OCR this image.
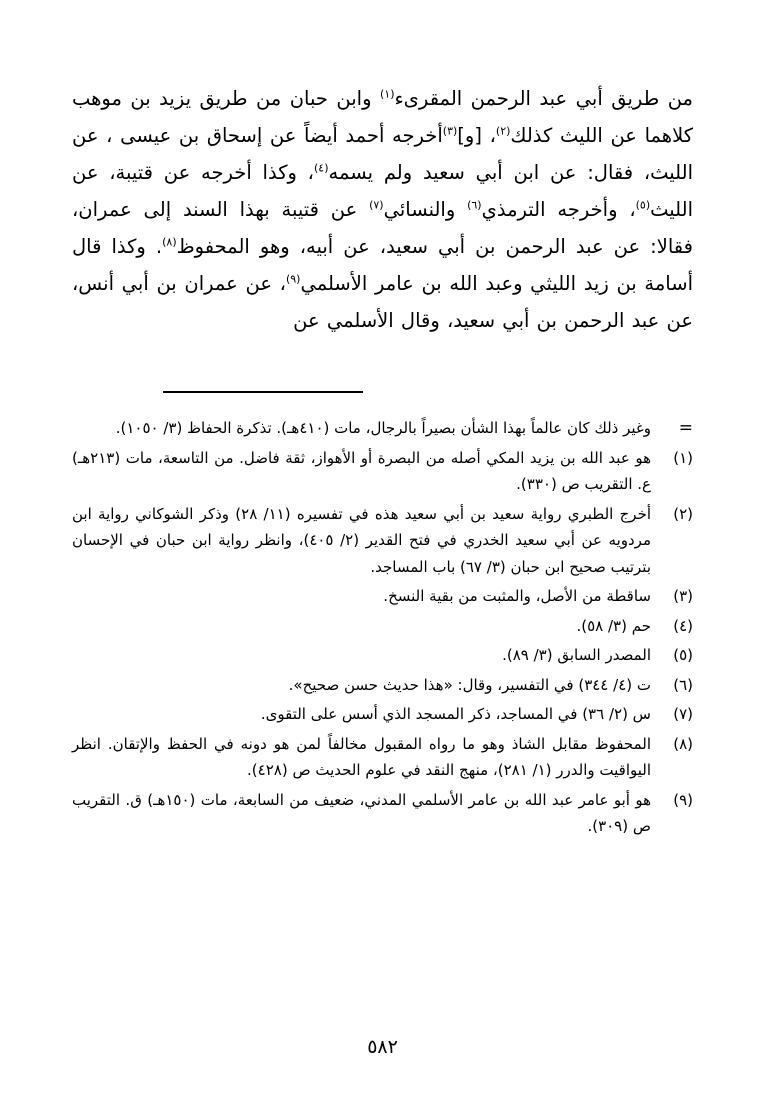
من طريق أبي عبد الرحمن المقرىء$^{(١)}$ وابن حبان من طريق يزيد بن موهب كلاهما عن الليث كذلك$^{(٢)}$، [و]$^{(٣)}$أخرجه أحمد أيضاً عن إسحاق بن عيسى ، عن الليث، فقال: عن ابن أبي سعيد ولم يسمه$^{(٤)}$، وكذا أخرجه عن قتيبة، عن الليث$^{(٥)}$، وأخرجه الترمذي$^{(٦)}$ والنسائي$^{(٧)}$ عن قتيبة بهذا السند إلى عمران، فقالا: عن عبد الرحمن بن أبي سعيد، عن أبيه، وهو المحفوظ$^{(٨)}$. وكذا قال أسامة بن زيد الليثي وعبد الله بن عامر الأسلمي$^{(٩)}$، عن عمران بن أبي أنس، عن عبد الرحمن بن أبي سعيد، وقال الأسلمي عن

=
وغير ذلك كان عالماً بهذا الشأن بصيراً بالرجال، مات (٤١٠هـ). تذكرة الحفاظ (٣/ ١٠٥٠).
(١)
هو عبد الله بن يزيد المكي أصله من البصرة أو الأهواز، ثقة فاضل. من التاسعة، مات (٢١٣هـ) ع. التقريب ص (٣٣٠).
(٢)
أخرج الطبري رواية سعيد بن أبي سعيد هذه في تفسيره (١١/ ٢٨) وذكر الشوكاني رواية ابن مردويه عن أبي سعيد الخدري في فتح القدير (٢/ ٤٠٥)، وانظر رواية ابن حبان في الإحسان بترتيب صحيح ابن حبان (٣/ ٦٧) باب المساجد.
(٣)
ساقطة من الأصل، والمثبت من بقية النسخ.
(٤)
حم (٣/ ٥٨).
(٥)
المصدر السابق (٣/ ٨٩).
(٦)
ت (٤/ ٣٤٤) في التفسير، وقال: «هذا حديث حسن صحيح».
(٧)
س (٢/ ٣٦) في المساجد، ذكر المسجد الذي أسس على التقوى.
(٨)
المحفوظ مقابل الشاذ وهو ما رواه المقبول مخالفاً لمن هو دونه في الحفظ والإتقان. انظر اليواقيت والدرر (١/ ٢٨١)، منهج النقد في علوم الحديث ص (٤٢٨).
(٩)
هو أبو عامر عبد الله بن عامر الأسلمي المدني، ضعيف من السابعة، مات (١٥٠هـ) ق. التقريب ص (٣٠٩).
٥٨٢
